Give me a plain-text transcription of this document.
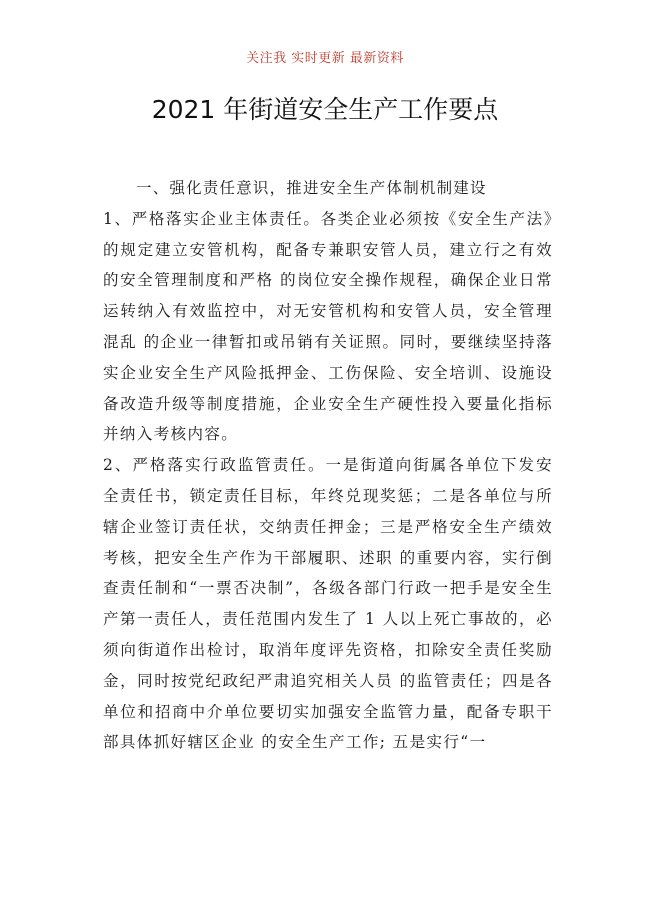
关注我 实时更新 最新资料
2021 年街道安全生产工作要点

一、强化责任意识，推进安全生产体制机制建设

1、严格落实企业主体责任。各类企业必须按《安全生产法》的规定建立安管机构，配备专兼职安管人员，建立行之有效的安全管理制度和严格 的岗位安全操作规程，确保企业日常运转纳入有效监控中，对无安管机构和安管人员，安全管理混乱 的企业一律暂扣或吊销有关证照。同时，要继续坚持落实企业安全生产风险抵押金、工伤保险、安全培训、设施设备改造升级等制度措施，企业安全生产硬性投入要量化指标并纳入考核内容。

2、严格落实行政监管责任。一是街道向街属各单位下发安全责任书，锁定责任目标，年终兑现奖惩；二是各单位与所辖企业签订责任状，交纳责任押金；三是严格安全生产绩效考核，把安全生产作为干部履职、述职 的重要内容，实行倒查责任制和“一票否决制”，各级各部门行政一把手是安全生产第一责任人，责任范围内发生了 1 人以上死亡事故的，必须向街道作出检讨，取消年度评先资格，扣除安全责任奖励金，同时按党纪政纪严肃追究相关人员 的监管责任；四是各单位和招商中介单位要切实加强安全监管力量，配备专职干部具体抓好辖区企业 的安全生产工作; 五是实行“一
